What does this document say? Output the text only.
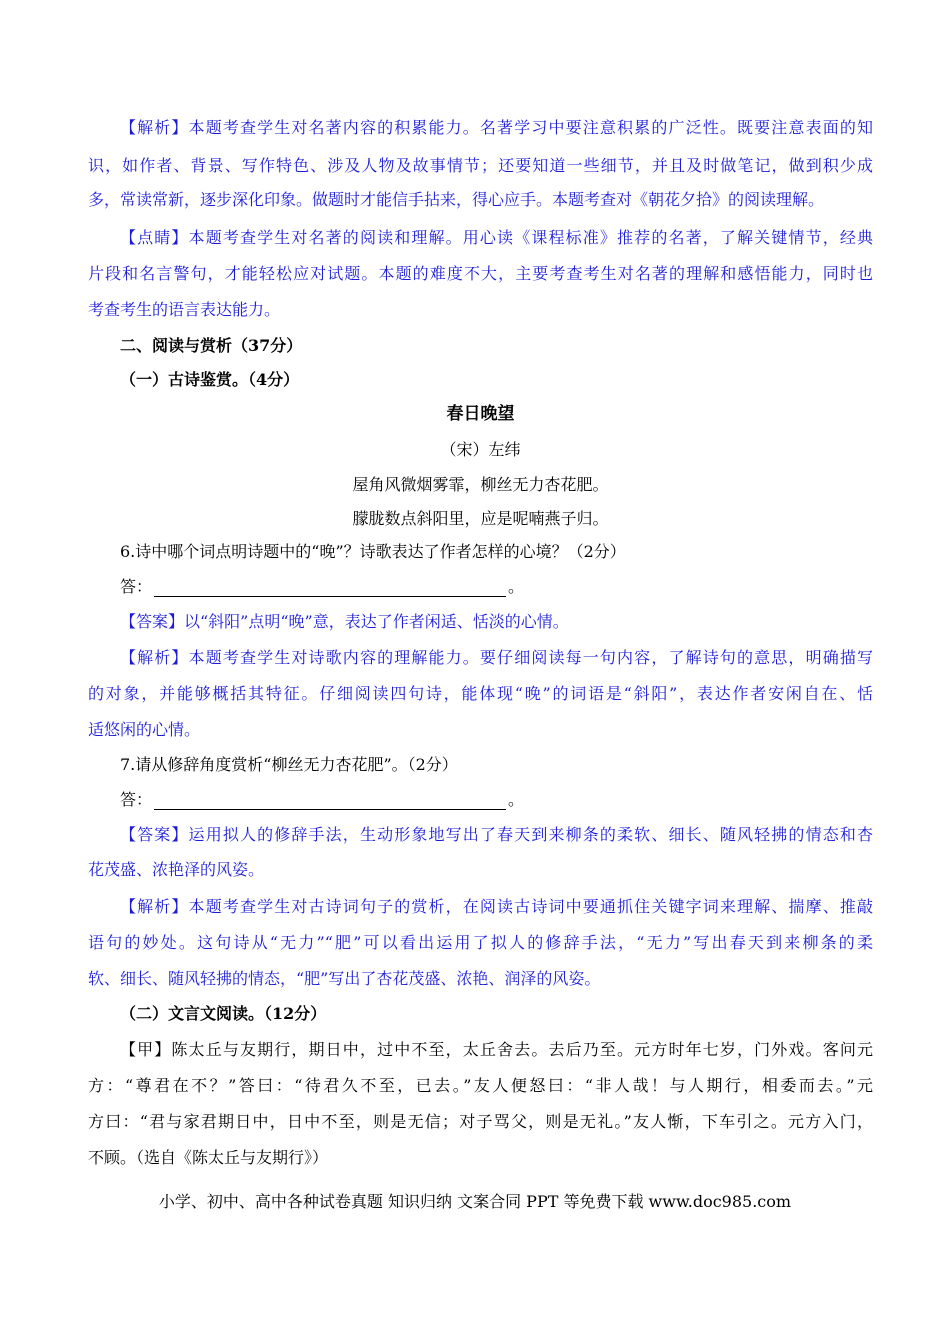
【解析】本题考查学生对名著内容的积累能力。名著学习中要注意积累的广泛性。既要注意表面的知
识，如作者、背景、写作特色、涉及人物及故事情节；还要知道一些细节，并且及时做笔记，做到积少成
多，常读常新，逐步深化印象。做题时才能信手拈来，得心应手。本题考查对《朝花夕拾》的阅读理解。
【点睛】本题考查学生对名著的阅读和理解。用心读《课程标准》推荐的名著，了解关键情节，经典
片段和名言警句，才能轻松应对试题。本题的难度不大，主要考查考生对名著的理解和感悟能力，同时也
考查考生的语言表达能力。
二、阅读与赏析（37分）
（一）古诗鉴赏。（4分）
春日晚望
（宋）左纬
屋角风微烟雾霏，柳丝无力杏花肥。
朦胧数点斜阳里，应是呢喃燕子归。
6.诗中哪个词点明诗题中的“晚”？诗歌表达了作者怎样的心境？（2分）
答：	。
【答案】以“斜阳”点明“晚”意，表达了作者闲适、恬淡的心情。
【解析】本题考查学生对诗歌内容的理解能力。要仔细阅读每一句内容，了解诗句的意思，明确描写
的对象，并能够概括其特征。仔细阅读四句诗，能体现“晚”的词语是“斜阳”，表达作者安闲自在、恬
适悠闲的心情。
7.请从修辞角度赏析“柳丝无力杏花肥”。（2分）
答：	。
【答案】运用拟人的修辞手法，生动形象地写出了春天到来柳条的柔软、细长、随风轻拂的情态和杏
花茂盛、浓艳泽的风姿。
【解析】本题考查学生对古诗词句子的赏析，在阅读古诗词中要通抓住关键字词来理解、揣摩、推敲
语句的妙处。这句诗从“无力”“肥”可以看出运用了拟人的修辞手法，“无力”写出春天到来柳条的柔
软、细长、随风轻拂的情态，“肥”写出了杏花茂盛、浓艳、润泽的风姿。
（二）文言文阅读。（12分）
【甲】陈太丘与友期行，期日中，过中不至，太丘舍去。去后乃至。元方时年七岁，门外戏。客问元
方：“尊君在不？”答曰：“待君久不至，已去。”友人便怒曰：“非人哉！与人期行，相委而去。”元
方曰：“君与家君期日中，日中不至，则是无信；对子骂父，则是无礼。”友人惭，下车引之。元方入门，
不顾。（选自《陈太丘与友期行》）
小学、初中、高中各种试卷真题 知识归纳 文案合同 PPT 等免费下载 www.doc985.com
